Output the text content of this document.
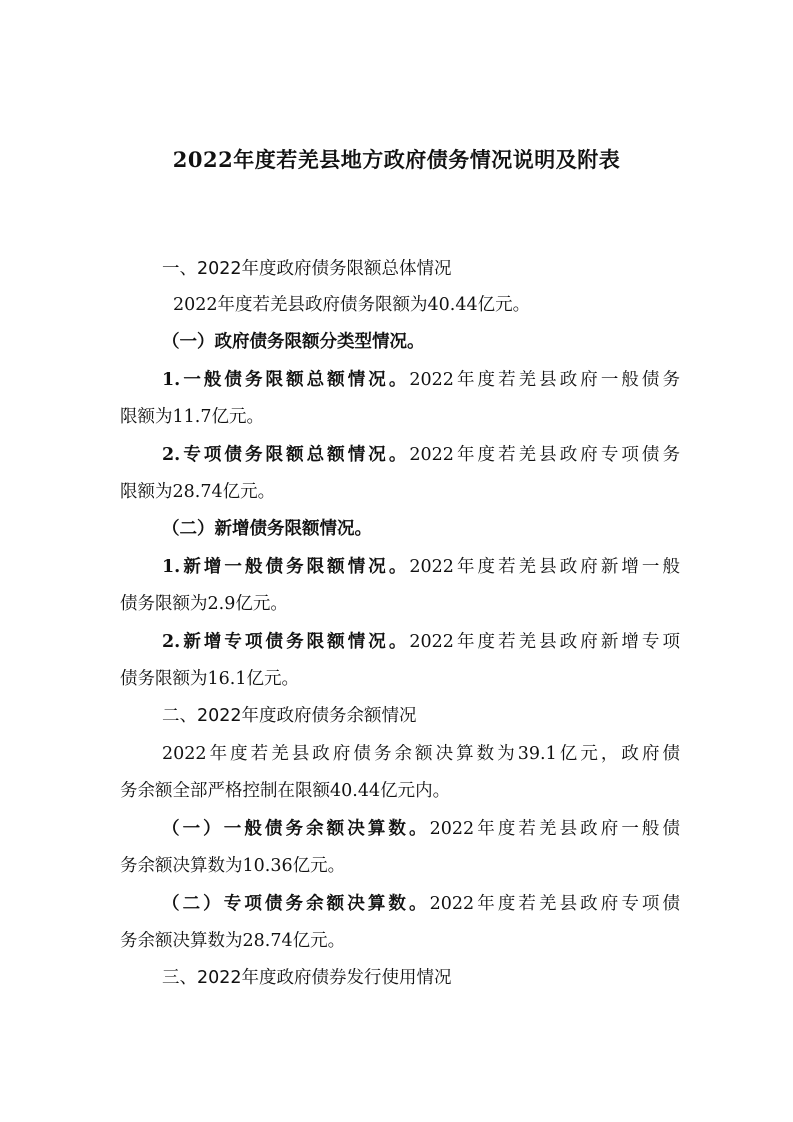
2022年度若羌县地方政府债务情况说明及附表
一、2022年度政府债务限额总体情况
2022年度若羌县政府债务限额为40.44亿元。
（一）政府债务限额分类型情况。
1.一般债务限额总额情况。2022年度若羌县政府一般债务
限额为11.7亿元。
2.专项债务限额总额情况。2022年度若羌县政府专项债务
限额为28.74亿元。
（二）新增债务限额情况。
1.新增一般债务限额情况。2022年度若羌县政府新增一般
债务限额为2.9亿元。
2.新增专项债务限额情况。2022年度若羌县政府新增专项
债务限额为16.1亿元。
二、2022年度政府债务余额情况
2022年度若羌县政府债务余额决算数为39.1亿元，政府债
务余额全部严格控制在限额40.44亿元内。
（一）一般债务余额决算数。2022年度若羌县政府一般债
务余额决算数为10.36亿元。
（二）专项债务余额决算数。2022年度若羌县政府专项债
务余额决算数为28.74亿元。
三、2022年度政府债券发行使用情况
